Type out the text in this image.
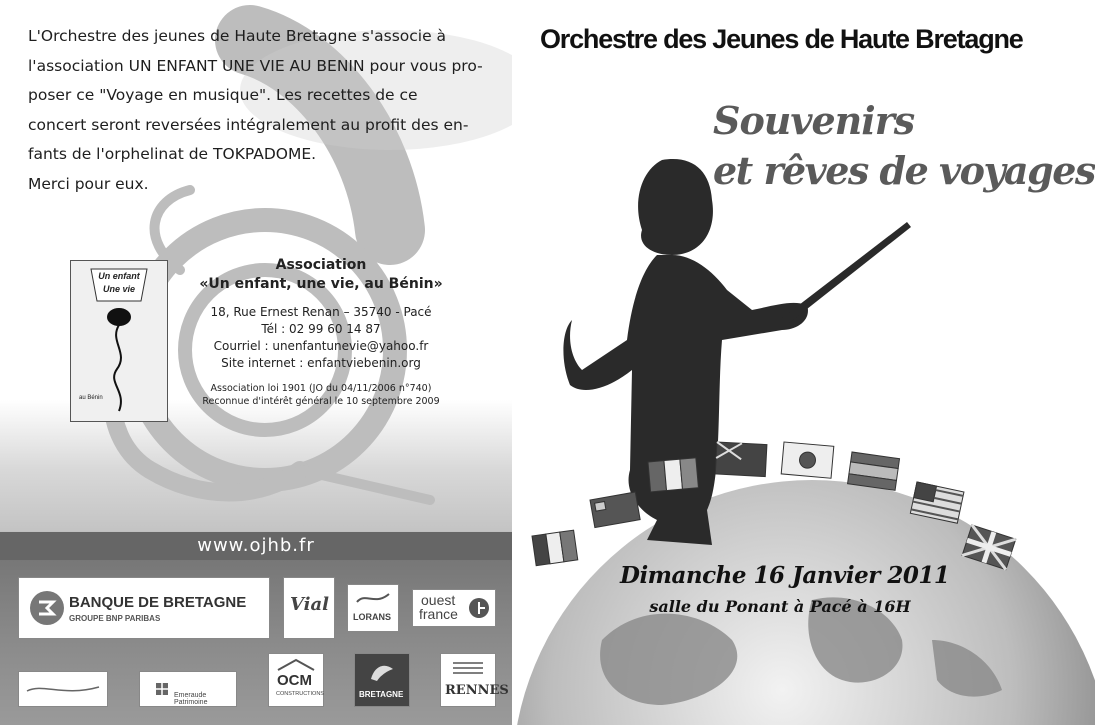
L'Orchestre des jeunes de Haute Bretagne s'associe à

l'association UN ENFANT UNE VIE AU BENIN pour vous pro-

poser ce "Voyage en musique". Les recettes de ce

concert seront reversées intégralement au profit des en-

fants de l'orphelinat de TOKPADOME.

Merci pour eux.

Un enfant
Une vie
au Bénin
Association
«Un enfant, une vie, au Bénin»
18, Rue Ernest Renan – 35740 - Pacé
Tél : 02 99 60 14 87
Courriel : unenfantunevie@yahoo.fr
Site internet : enfantviebenin.org
Association loi 1901 (JO du 04/11/2006 n°740)
Reconnue d'intérêt général le 10 septembre 2009
www.ojhb.fr
BANQUE DE BRETAGNE
GROUPE BNP PARIBAS
Vial
LORANS
ouest
france
Emeraude Patrimoine
OCM
CONSTRUCTIONS	BRETAGNE	RENNES
Orchestre des Jeunes de Haute Bretagne
Souvenirs
et rêves de voyages
Dimanche 16 Janvier 2011
salle du Ponant à Pacé à 16H
